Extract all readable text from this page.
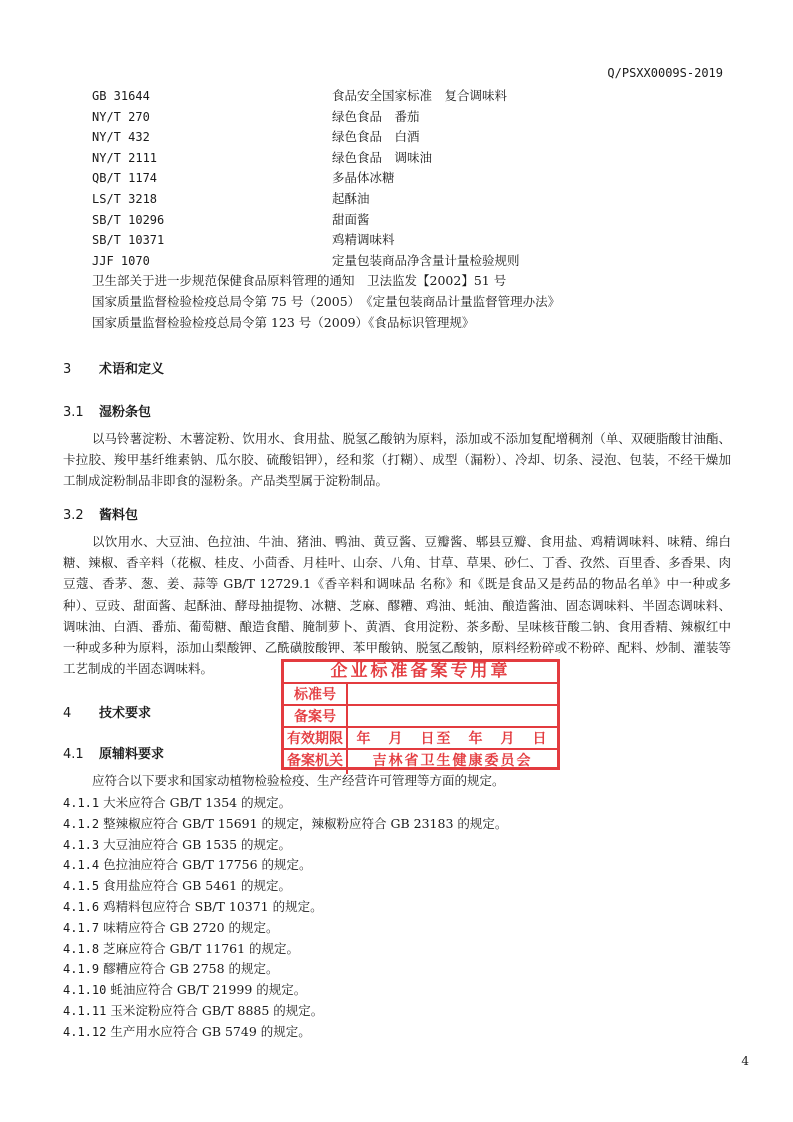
Q/PSXX0009S-2019
GB 31644	食品安全国家标准　复合调味料
NY/T 270	绿色食品　番茄
NY/T 432	绿色食品　白酒
NY/T 2111	绿色食品　调味油
QB/T 1174	多晶体冰糖
LS/T 3218	起酥油
SB/T 10296	甜面酱
SB/T 10371	鸡精调味料
JJF 1070	定量包装商品净含量计量检验规则
卫生部关于进一步规范保健食品原料管理的通知　卫法监发【2002】51 号
国家质量监督检验检疫总局令第 75 号（2005）　《定量包装商品计量监督管理办法》
国家质量监督检验检疫总局令第 123 号（2009）《食品标识管理规》
3 术语和定义
3.1 湿粉条包
以马铃薯淀粉、木薯淀粉、饮用水、食用盐、脱氢乙酸钠为原料，添加或不添加复配增稠剂（单、双硬脂酸甘油酯、卡拉胶、羧甲基纤维素钠、瓜尔胶、硫酸铝钾），经和浆（打糊）、成型（漏粉）、冷却、切条、浸泡、包装，不经干燥加工制成淀粉制品非即食的湿粉条。产品类型属于淀粉制品。
3.2 酱料包
以饮用水、大豆油、色拉油、牛油、猪油、鸭油、黄豆酱、豆瓣酱、郫县豆瓣、食用盐、鸡精调味料、味精、绵白糖、辣椒、香辛料（花椒、桂皮、小茴香、月桂叶、山奈、八角、甘草、草果、砂仁、丁香、孜然、百里香、多香果、肉豆蔻、香茅、葱、姜、蒜等 GB/T 12729.1《香辛料和调味品 名称》和《既是食品又是药品的物品名单》中一种或多种）、豆豉、甜面酱、起酥油、酵母抽提物、冰糖、芝麻、醪糟、鸡油、蚝油、酿造酱油、固态调味料、半固态调味料、调味油、白酒、番茄、葡萄糖、酿造食醋、腌制萝卜、黄酒、食用淀粉、茶多酚、呈味核苷酸二钠、食用香精、辣椒红中一种或多种为原料，添加山梨酸钾、乙酰磺胺酸钾、苯甲酸钠、脱氢乙酸钠，原料经粉碎或不粉碎、配料、炒制、灌装等工艺制成的半固态调味料。
4 技术要求
4.1 原辅料要求
应符合以下要求和国家动植物检验检疫、生产经营许可管理等方面的规定。
4.1.1 大米应符合 GB/T 1354 的规定。
4.1.2 整辣椒应符合 GB/T 15691 的规定，辣椒粉应符合 GB 23183 的规定。
4.1.3 大豆油应符合 GB 1535 的规定。
4.1.4 色拉油应符合 GB/T 17756 的规定。
4.1.5 食用盐应符合 GB 5461 的规定。
4.1.6 鸡精料包应符合 SB/T 10371 的规定。
4.1.7 味精应符合 GB 2720 的规定。
4.1.8 芝麻应符合 GB/T 11761 的规定。
4.1.9 醪糟应符合 GB 2758 的规定。
4.1.10 蚝油应符合 GB/T 21999 的规定。
4.1.11 玉米淀粉应符合 GB/T 8885 的规定。
4.1.12 生产用水应符合 GB 5749 的规定。
企业标准备案专用章
标准号
备案号
有效期限 年　月　日至　年　月　日
备案机关	吉林省卫生健康委员会
4
